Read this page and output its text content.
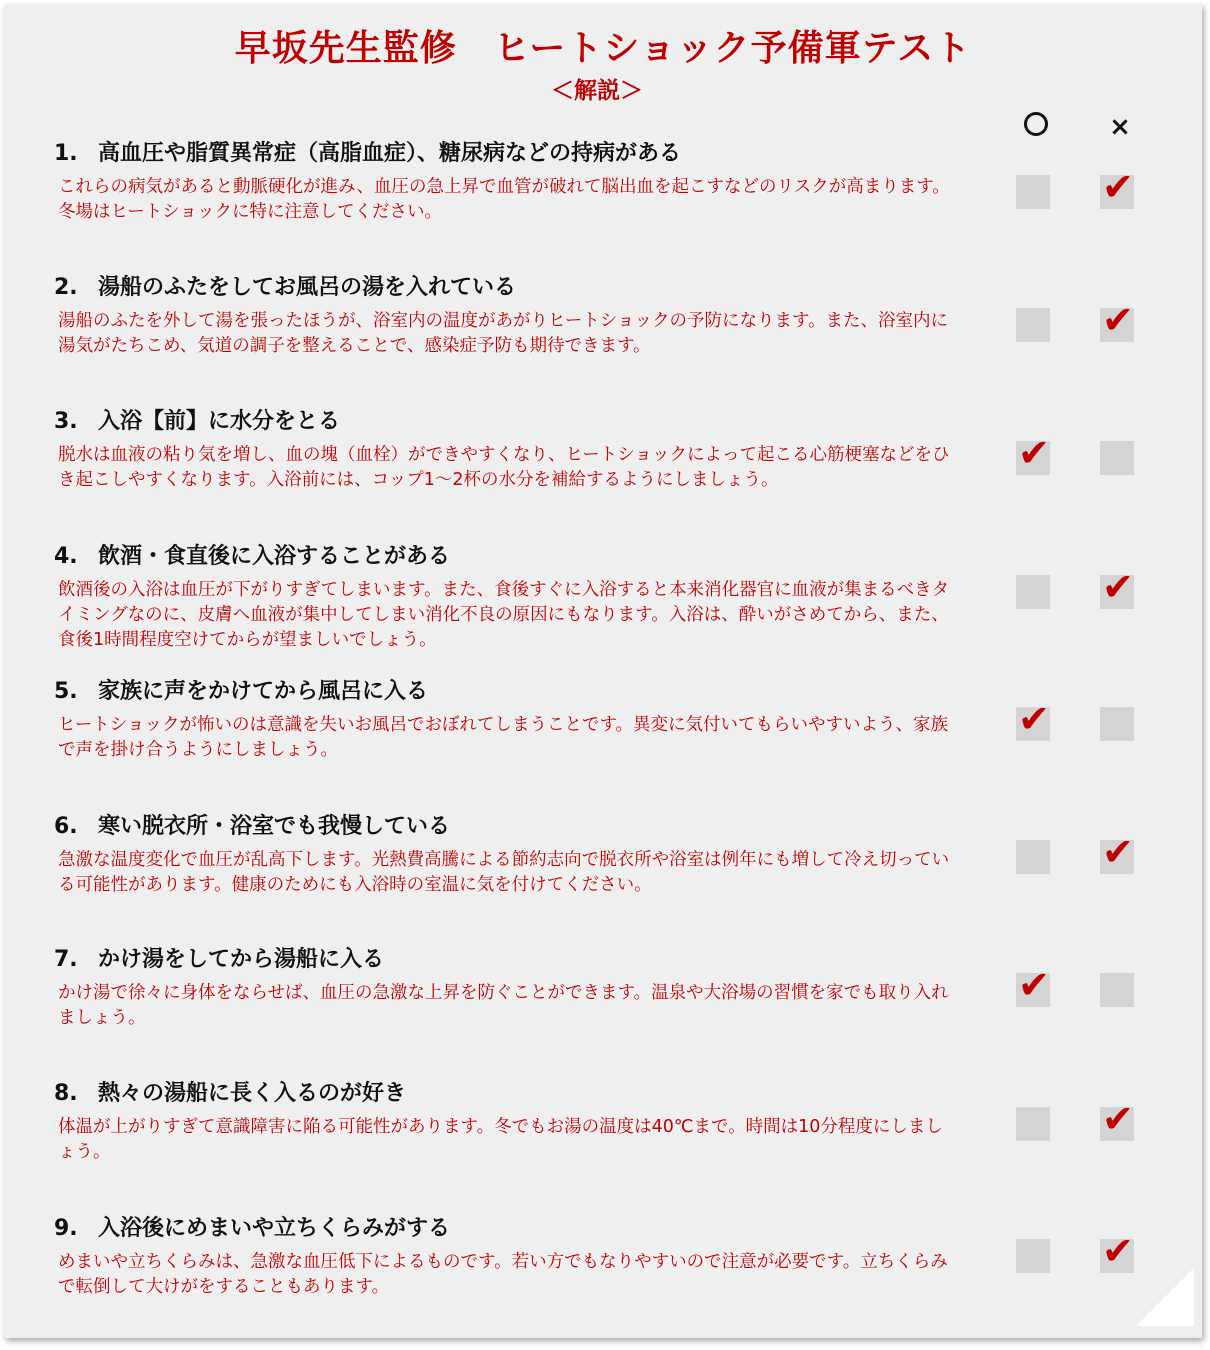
早坂先生監修　ヒートショック予備軍テスト
＜解説＞
×

1. 高血圧や脂質異常症（高脂血症）、糖尿病などの持病がある

これらの病気があると動脈硬化が進み、血圧の急上昇で血管が破れて脳出血を起こすなどのリスクが高まります。冬場はヒートショックに特に注意してください。
✔

2. 湯船のふたをしてお風呂の湯を入れている

湯船のふたを外して湯を張ったほうが、浴室内の温度があがりヒートショックの予防になります。また、浴室内に湯気がたちこめ、気道の調子を整えることで、感染症予防も期待できます。
✔

3. 入浴【前】に水分をとる

脱水は血液の粘り気を増し、血の塊（血栓）ができやすくなり、ヒートショックによって起こる心筋梗塞などをひき起こしやすくなります。入浴前には、コップ1～2杯の水分を補給するようにしましょう。
✔

4. 飲酒・食直後に入浴することがある

飲酒後の入浴は血圧が下がりすぎてしまいます。また、食後すぐに入浴すると本来消化器官に血液が集まるべきタイミングなのに、皮膚へ血液が集中してしまい消化不良の原因にもなります。入浴は、酔いがさめてから、また、食後1時間程度空けてからが望ましいでしょう。
✔

5. 家族に声をかけてから風呂に入る

ヒートショックが怖いのは意識を失いお風呂でおぼれてしまうことです。異変に気付いてもらいやすいよう、家族で声を掛け合うようにしましょう。
✔

6. 寒い脱衣所・浴室でも我慢している

急激な温度変化で血圧が乱高下します。光熱費高騰による節約志向で脱衣所や浴室は例年にも増して冷え切っている可能性があります。健康のためにも入浴時の室温に気を付けてください。
✔

7. かけ湯をしてから湯船に入る

かけ湯で徐々に身体をならせば、血圧の急激な上昇を防ぐことができます。温泉や大浴場の習慣を家でも取り入れましょう。
✔

8. 熱々の湯船に長く入るのが好き

体温が上がりすぎて意識障害に陥る可能性があります。冬でもお湯の温度は40℃まで。時間は10分程度にしましょう。
✔

9. 入浴後にめまいや立ちくらみがする

めまいや立ちくらみは、急激な血圧低下によるものです。若い方でもなりやすいので注意が必要です。立ちくらみで転倒して大けがをすることもあります。
✔
